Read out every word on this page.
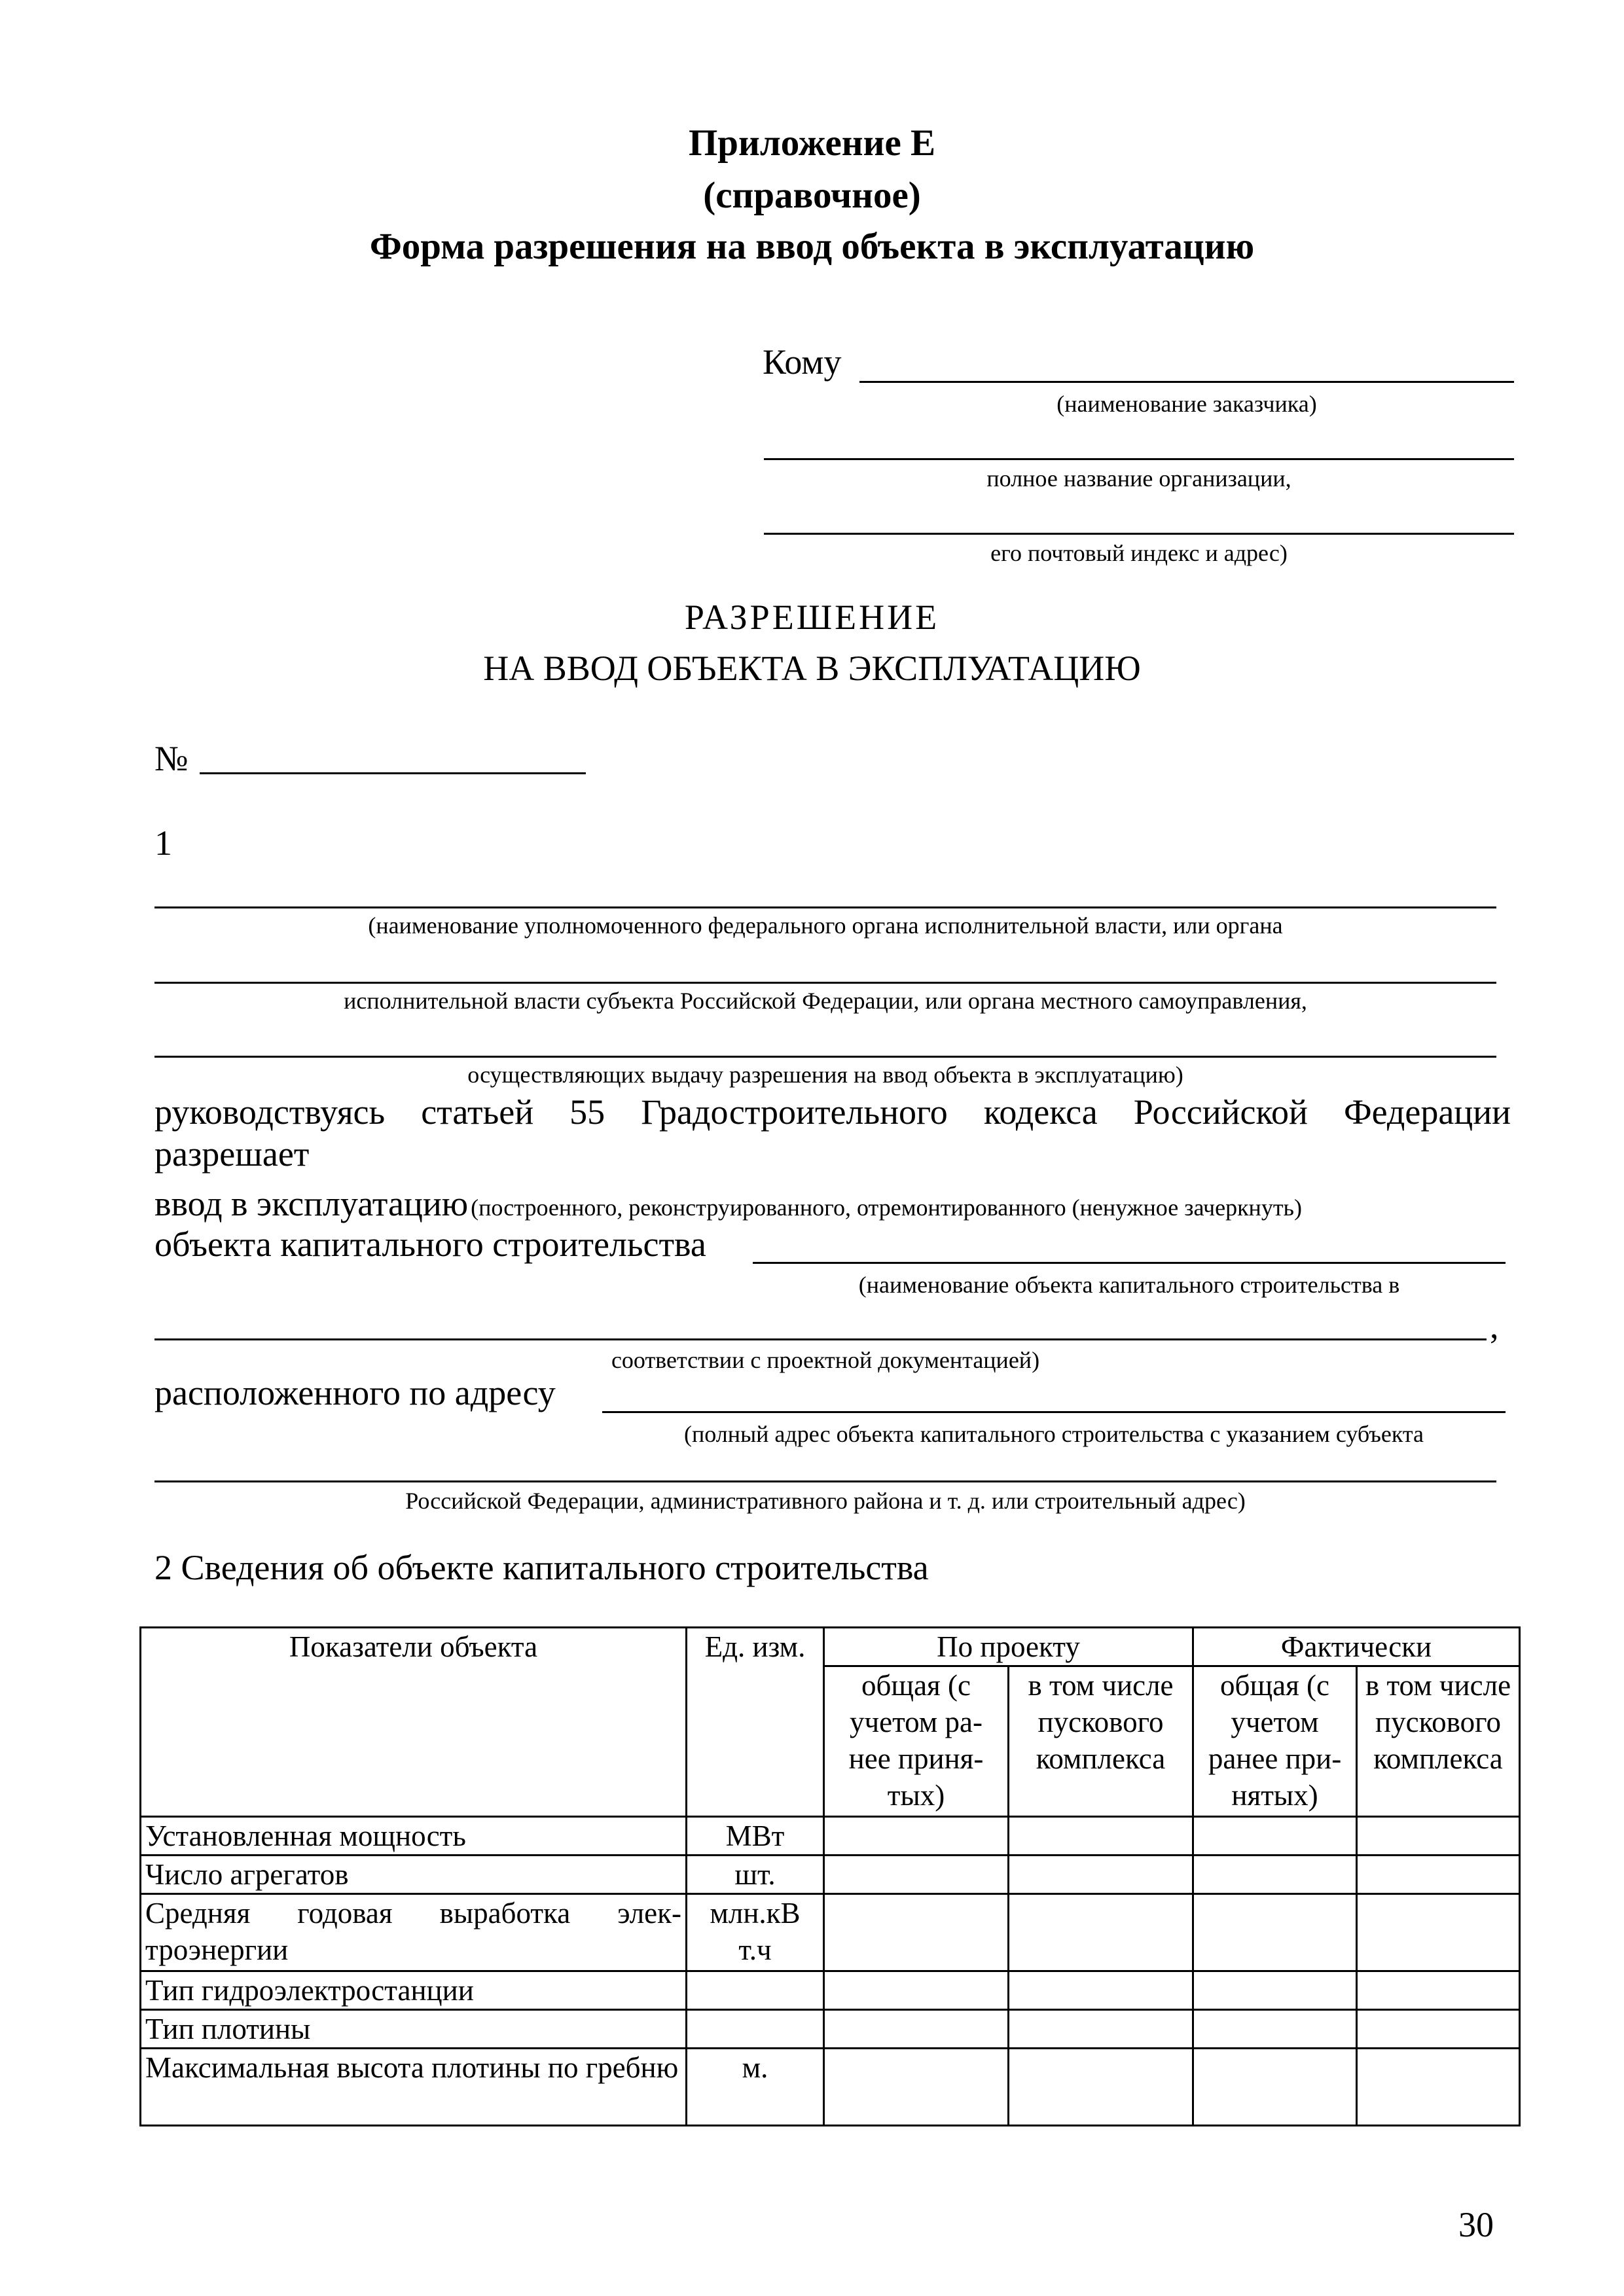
Приложение Е
(справочное)
Форма разрешения на ввод объекта в эксплуатацию
Кому
(наименование заказчика)
полное название организации,
его почтовый индекс и адрес)
РАЗРЕШЕНИЕ
НА ВВОД ОБЪЕКТА В ЭКСПЛУАТАЦИЮ
№
1
(наименование уполномоченного федерального органа исполнительной власти, или органа
исполнительной власти субъекта Российской Федерации, или органа местного самоуправления,
осуществляющих выдачу разрешения на ввод объекта в эксплуатацию)
руководствуясь статьей 55 Градостроительного кодекса Российской Федерации
разрешает
ввод в эксплуатацию (построенного, реконструированного, отремонтированного (ненужное зачеркнуть)
объекта капитального строительства
(наименование объекта капитального строительства в
,
соответствии с проектной документацией)
расположенного по адресу
(полный адрес объекта капитального строительства с указанием субъекта
Российской Федерации, административного района и т. д. или строительный адрес)
2 Сведения об объекте капитального строительства
Показатели объекта	Ед. изм.	По проекту		Фактически	
		общая (с учетом ра-нее приня-тых)	в том числе пускового комплекса	общая (с учетом ранее при-нятых)	в том числе пускового комплекса
Установленная мощность	МВт				
Число агрегатов	шт.				
Средняя годовая выработка элек-троэнергии	млн.кВ т.ч				
Тип гидроэлектростанции					
Тип плотины					
Максимальная высота плотины по гребню	м.				
30
